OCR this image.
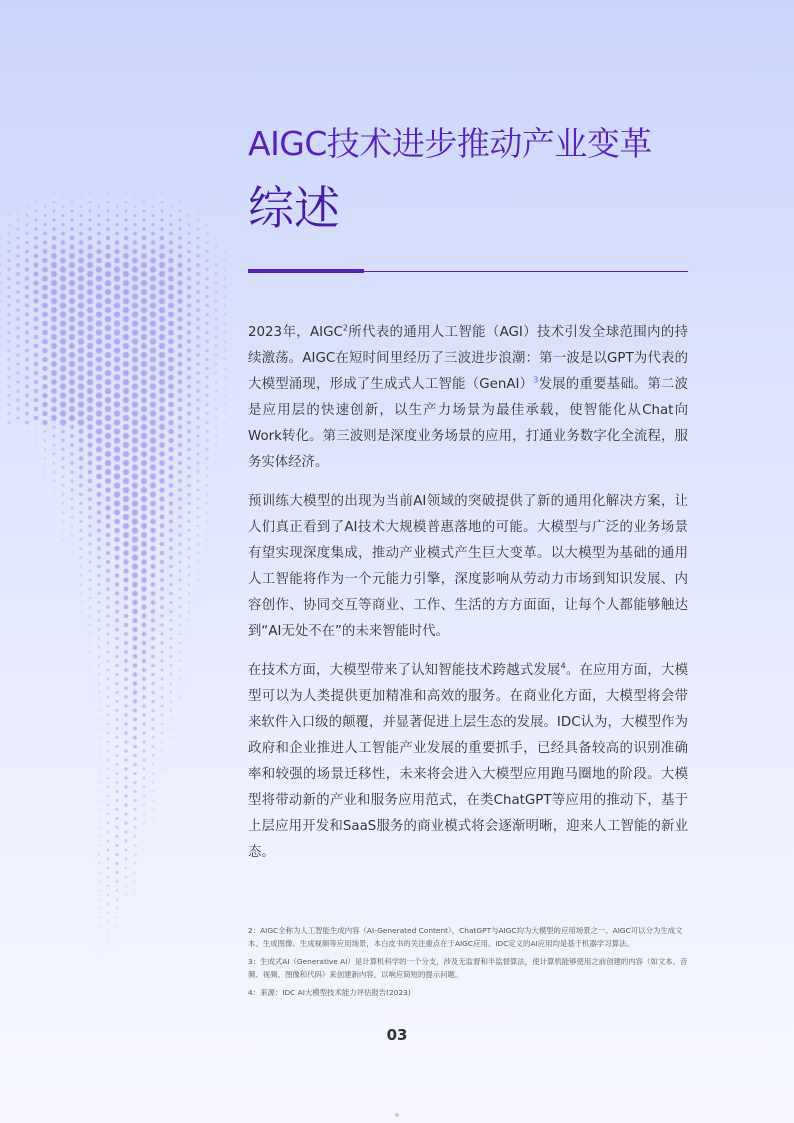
AIGC技术进步推动产业变革
综述

2023年，AIGC$^2$所代表的通用人工智能（AGI）技术引发全球范围内的持续激荡。AIGC在短时间里经历了三波进步浪潮：第一波是以GPT为代表的大模型涌现，形成了生成式人工智能（GenAI）$^3$发展的重要基础。第二波是应用层的快速创新，以生产力场景为最佳承载，使智能化从Chat向Work转化。第三波则是深度业务场景的应用，打通业务数字化全流程，服务实体经济。

预训练大模型的出现为当前AI领域的突破提供了新的通用化解决方案，让人们真正看到了AI技术大规模普惠落地的可能。大模型与广泛的业务场景有望实现深度集成，推动产业模式产生巨大变革。以大模型为基础的通用人工智能将作为一个元能力引擎，深度影响从劳动力市场到知识发展、内容创作、协同交互等商业、工作、生活的方方面面，让每个人都能够触达到“AI无处不在”的未来智能时代。

在技术方面，大模型带来了认知智能技术跨越式发展$^4$。在应用方面，大模型可以为人类提供更加精准和高效的服务。在商业化方面，大模型将会带来软件入口级的颠覆，并显著促进上层生态的发展。IDC认为，大模型作为政府和企业推进人工智能产业发展的重要抓手，已经具备较高的识别准确率和较强的场景迁移性，未来将会进入大模型应用跑马圈地的阶段。大模型将带动新的产业和服务应用范式，在类ChatGPT等应用的推动下，基于上层应用开发和SaaS服务的商业模式将会逐渐明晰，迎来人工智能的新业态。

2：AIGC全称为人工智能生成内容（AI-Generated Content），ChatGPT与AIGC均为大模型的应用场景之一。AIGC可以分为生成文本、生成图像、生成视频等应用场景，本白皮书的关注重点在于AIGC应用。IDC定义的AI应用均是基于机器学习算法。

3：生成式AI（Generative AI）是计算机科学的一个分支，涉及无监督和半监督算法，使计算机能够使用之前创建的内容（如文本、音频、视频、图像和代码）来创建新内容，以响应简短的提示问题。

4：来源：IDC AI大模型技术能力评估报告(2023)

03
